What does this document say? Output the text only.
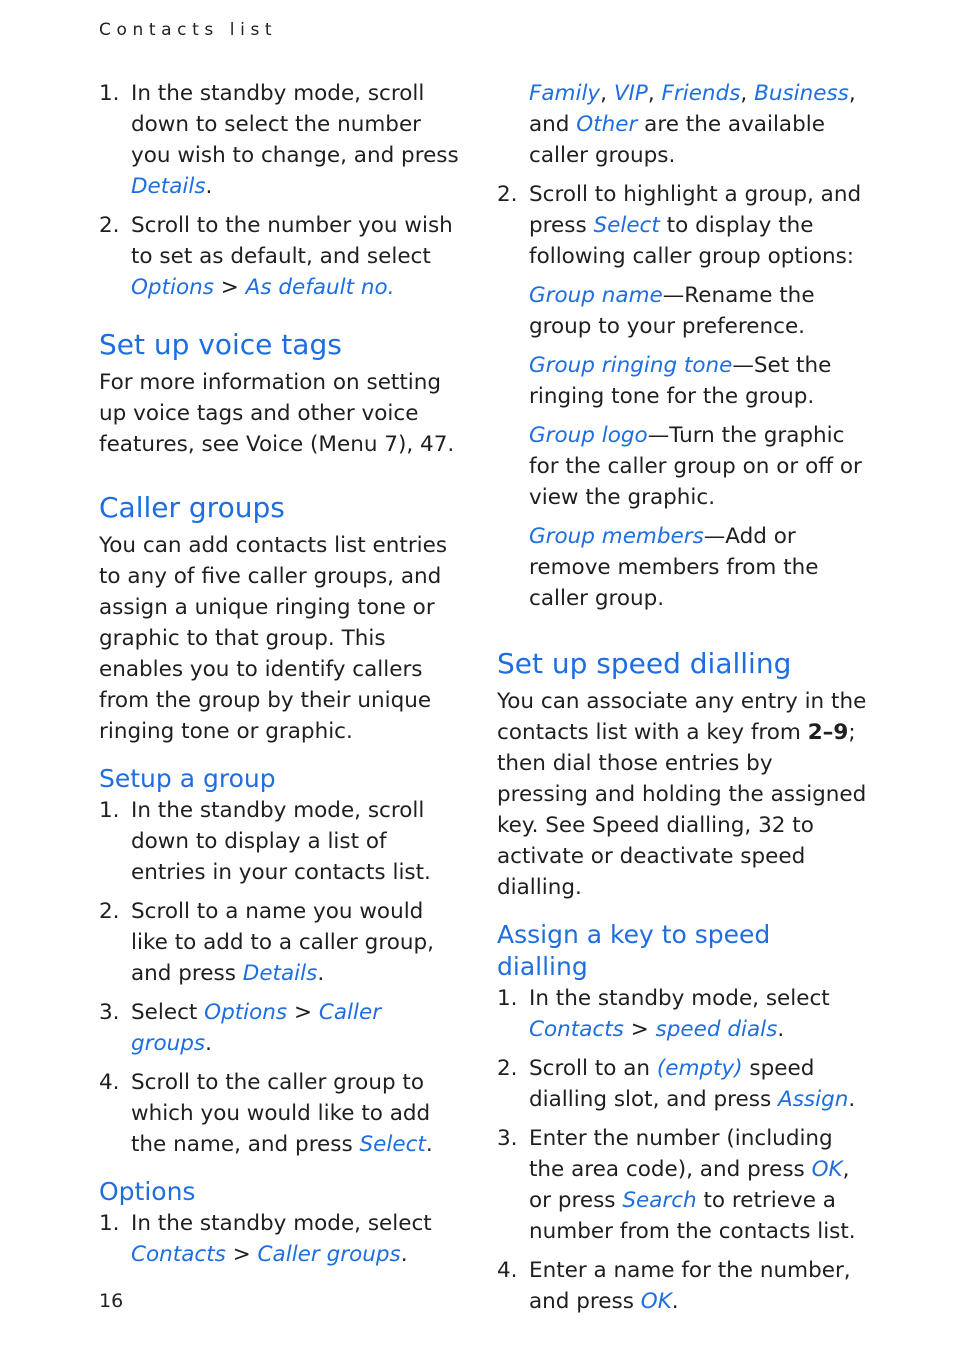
Contacts list
1. In the standby mode, scroll down to select the number you wish to change, and press Details.
2. Scroll to the number you wish to set as default, and select Options > As default no.
Set up voice tags

For more information on setting up voice tags and other voice features, see Voice (Menu 7), 47.

Caller groups

You can add contacts list entries to any of five caller groups, and assign a unique ringing tone or graphic to that group. This enables you to identify callers from the group by their unique ringing tone or graphic.

Setup a group
1. In the standby mode, scroll down to display a list of entries in your contacts list.
2. Scroll to a name you would like to add to a caller group, and press Details.
3. Select Options > Caller groups.
4. Scroll to the caller group to which you would like to add the name, and press Select.
Options
1. In the standby mode, select Contacts > Caller groups.
Family, VIP, Friends, Business, and Other are the available caller groups.
2. Scroll to highlight a group, and press Select to display the following caller group options:
Group name—Rename the group to your preference.
Group ringing tone—Set the ringing tone for the group.
Group logo—Turn the graphic for the caller group on or off or view the graphic.
Group members—Add or remove members from the caller group.
Set up speed dialling

You can associate any entry in the contacts list with a key from 2–9; then dial those entries by pressing and holding the assigned key. See Speed dialling, 32 to activate or deactivate speed dialling.

Assign a key to speed dialling
1. In the standby mode, select Contacts > speed dials.
2. Scroll to an (empty) speed dialling slot, and press Assign.
3. Enter the number (including the area code), and press OK, or press Search to retrieve a number from the contacts list.
4. Enter a name for the number, and press OK.
16
